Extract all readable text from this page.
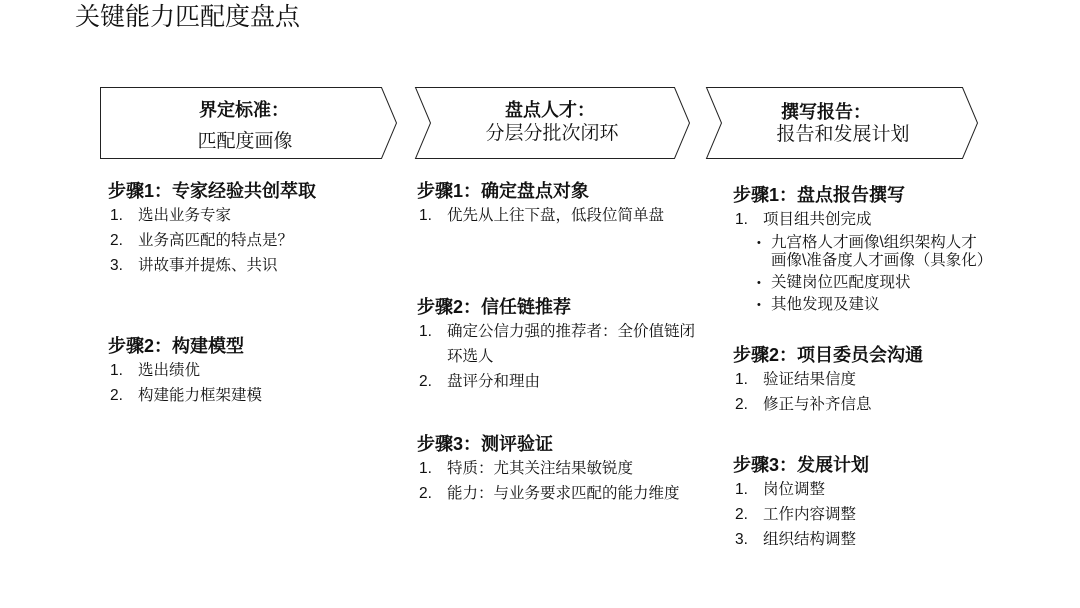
关键能力匹配度盘点
界定标准：
匹配度画像
盘点人才：
分层分批次闭环
撰写报告：
报告和发展计划
步骤1：专家经验共创萃取
1. 选出业务专家
2. 业务高匹配的特点是？
3. 讲故事并提炼、共识
步骤2：构建模型
1. 选出绩优
2. 构建能力框架建模
步骤1：确定盘点对象
1. 优先从上往下盘，低段位简单盘
步骤2：信任链推荐
1. 确定公信力强的推荐者：全价值链闭
环选人
2. 盘评分和理由
步骤3：测评验证
1. 特质：尤其关注结果敏锐度
2. 能力：与业务要求匹配的能力维度
步骤1：盘点报告撰写
1. 项目组共创完成
• 九宫格人才画像\组织架构人才
画像\准备度人才画像（具象化）
• 关键岗位匹配度现状
• 其他发现及建议
步骤2：项目委员会沟通
1. 验证结果信度
2. 修正与补齐信息
步骤3：发展计划
1. 岗位调整
2. 工作内容调整
3. 组织结构调整
